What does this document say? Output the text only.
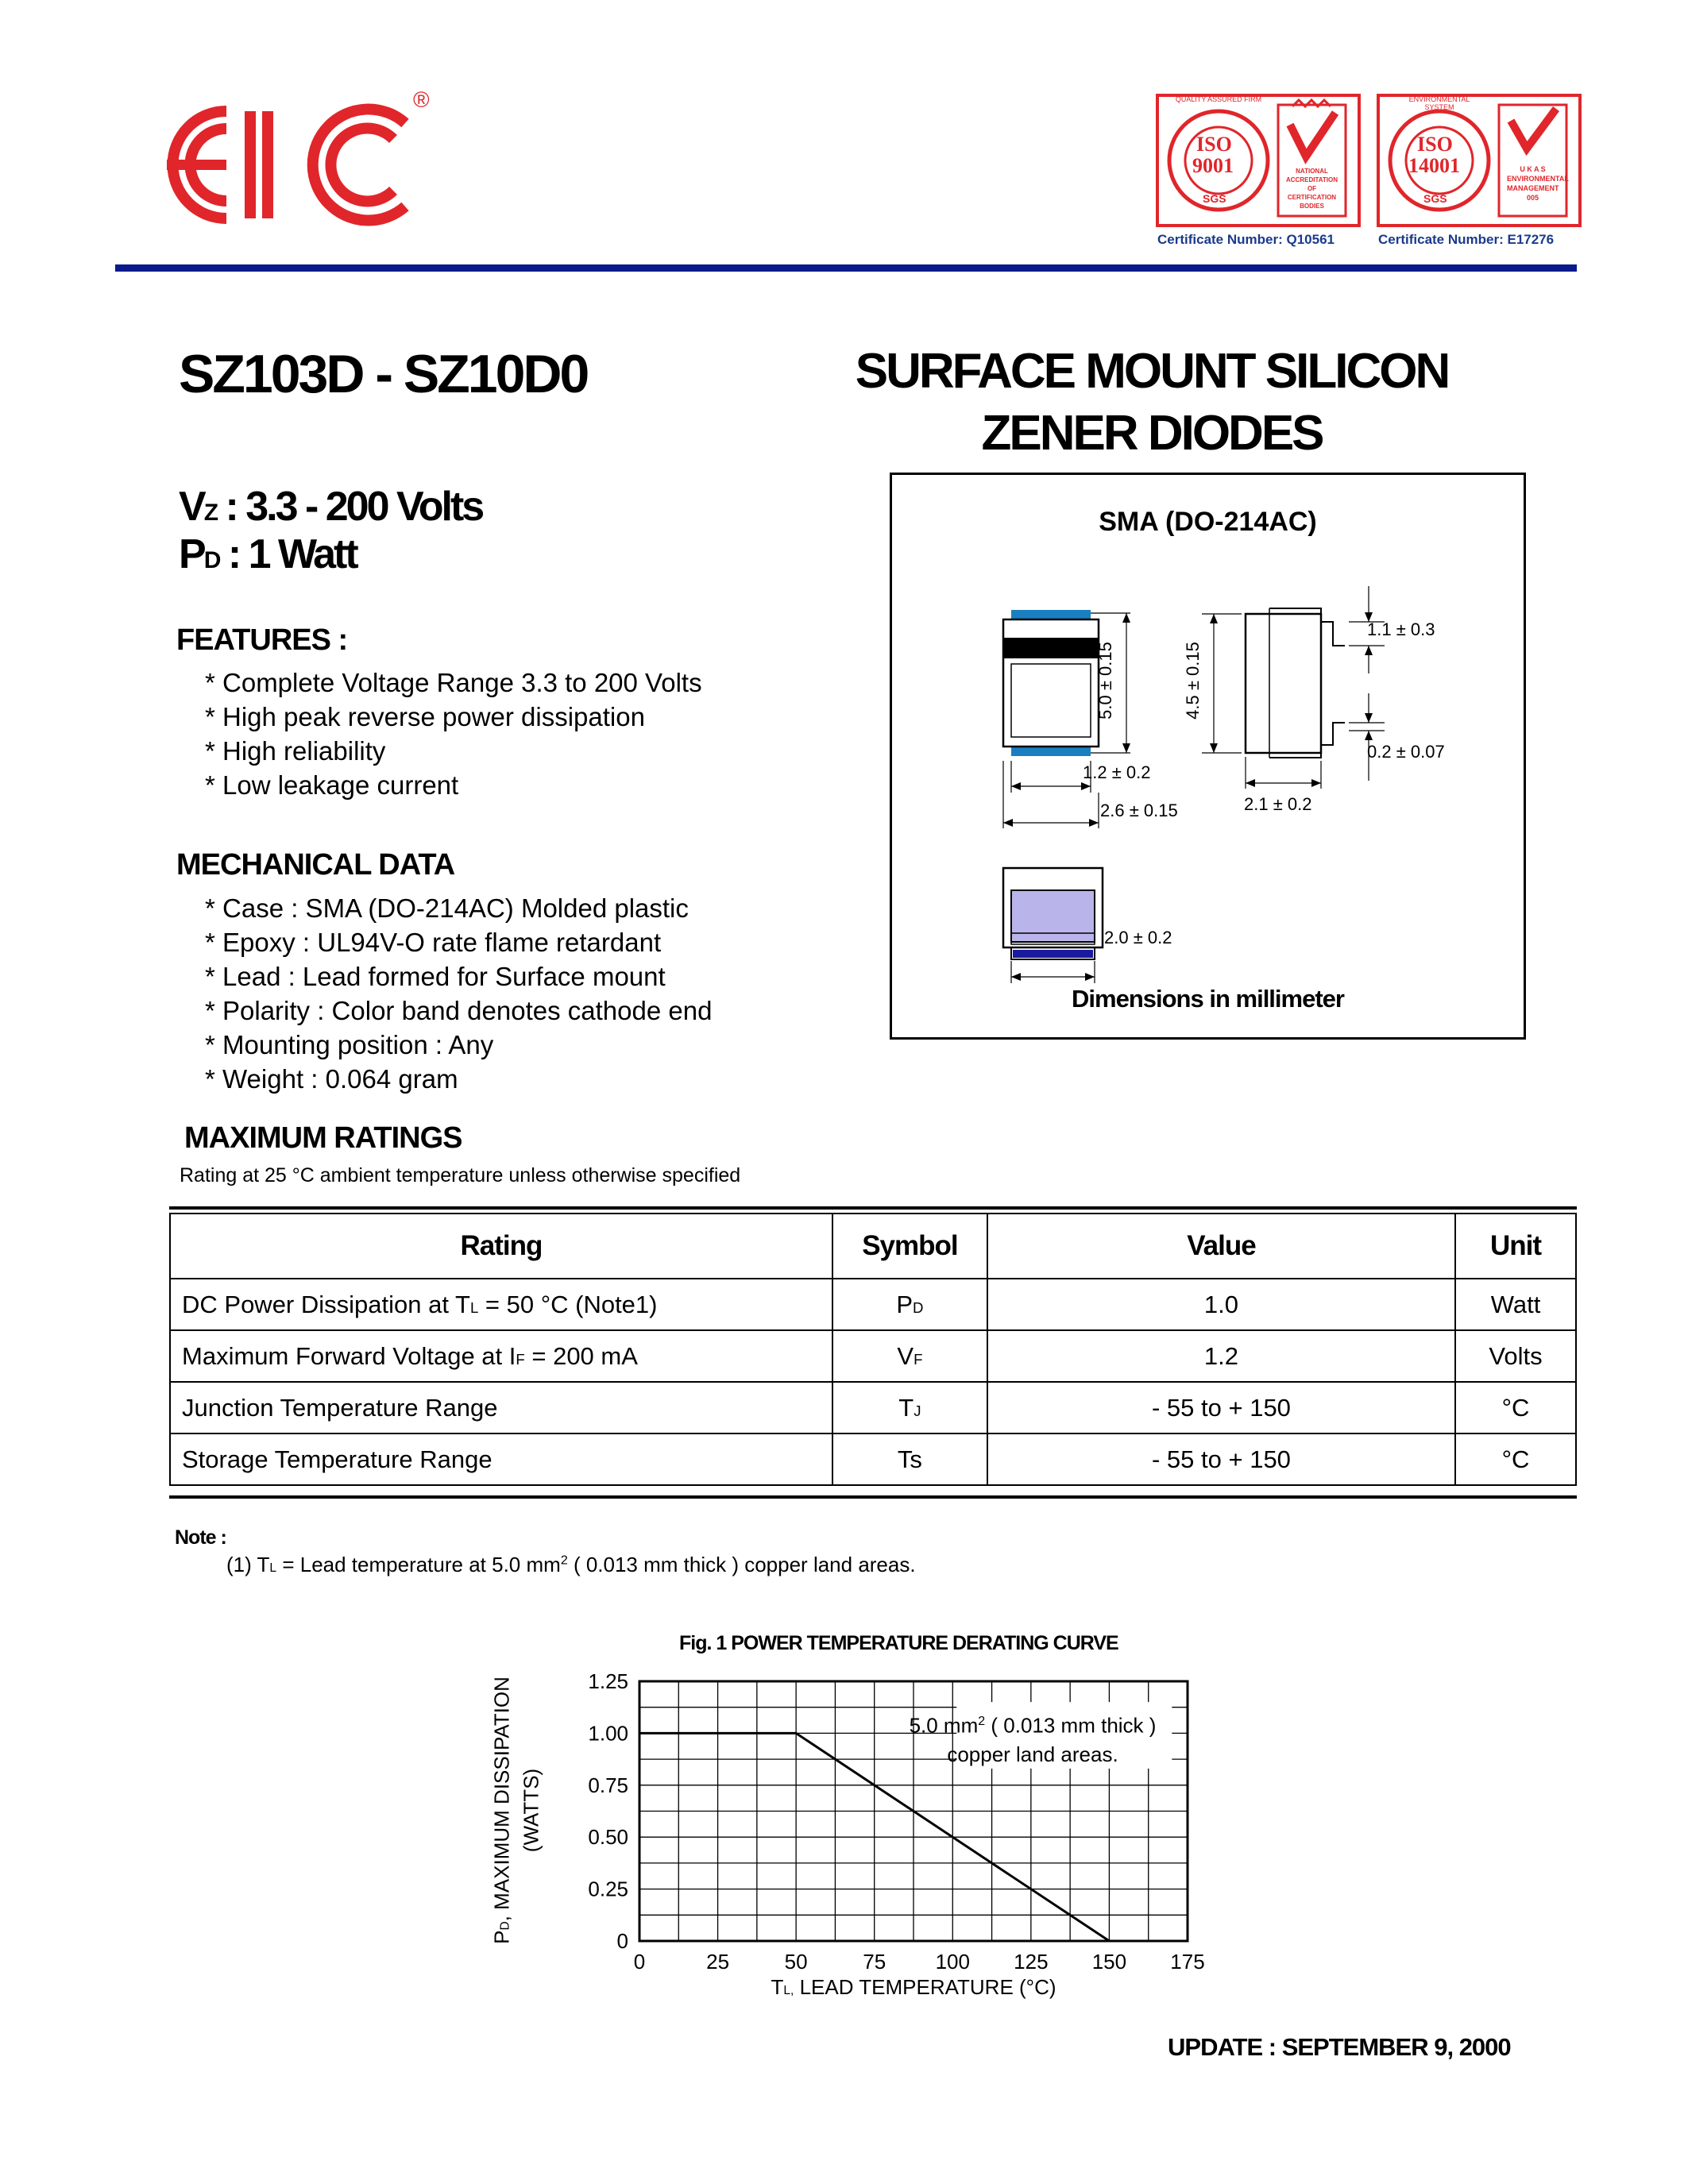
®
ISO
9001
SGS
QUALITY ASSURED FIRM
NATIONAL ACCREDITATION OF CERTIFICATION BODIES
Certificate Number: Q10561
ISO
14001
SGS
ENVIRONMENTAL SYSTEM
U K A S ENVIRONMENTAL MANAGEMENT 005
Certificate Number: E17276
SZ103D - SZ10D0	SURFACE MOUNT SILICON
ZENER DIODES
VZ : 3.3 - 200 Volts
PD : 1 Watt
FEATURES :
* Complete Voltage Range 3.3 to 200 Volts
* High peak reverse power dissipation
* High reliability
* Low leakage current
MECHANICAL DATA
* Case : SMA (DO-214AC) Molded plastic
* Epoxy : UL94V-O rate flame retardant
* Lead : Lead formed for Surface mount
* Polarity : Color band denotes cathode end
* Mounting position : Any
* Weight : 0.064 gram
SMA (DO-214AC)
5.0 ± 0.15	4.5 ± 0.15
1.1 ± 0.3
0.2 ± 0.07
1.2 ± 0.2
2.6 ± 0.15	2.1 ± 0.2
2.0 ± 0.2
Dimensions in millimeter
MAXIMUM RATINGS
Rating at 25 °C ambient temperature unless otherwise specified
Rating	Symbol	Value	Unit
DC Power Dissipation at TL = 50 °C (Note1)	PD	1.0	Watt
Maximum Forward Voltage at IF = 200 mA	VF	1.2	Volts
Junction Temperature Range	TJ	- 55 to + 150	°C
Storage Temperature Range	Ts	- 55 to + 150	°C
Note :
(1) TL = Lead temperature at 5.0 $mm^2$ ( 0.013 mm thick ) copper land areas.
Fig. 1 POWER TEMPERATURE DERATING CURVE
PD, MAXIMUM DISSIPATION (WATTS)
0	25	50	75 100 125 150 175
0
0.25
0.50
0.75
1.00
1.25
5.0 $mm^2$ ( 0.013 mm thick )
copper land areas.
TL, LEAD TEMPERATURE (°C)
UPDATE : SEPTEMBER 9, 2000
